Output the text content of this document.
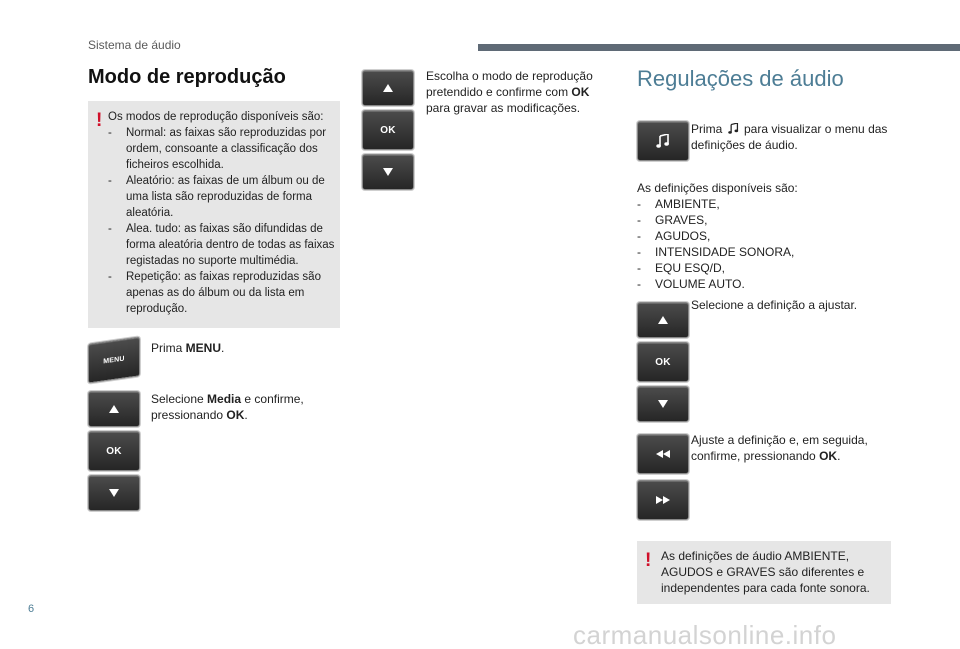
Sistema de áudio
Modo de reprodução
! Os modos de reprodução disponíveis são:
- Normal: as faixas são reproduzidas por ordem, consoante a classificação dos ficheiros escolhida.
- Aleatório: as faixas de um álbum ou de uma lista são reproduzidas de forma aleatória.
- Alea. tudo: as faixas são difundidas de forma aleatória dentro de todas as faixas registadas no suporte multimédia.
- Repetição: as faixas reproduzidas são apenas as do álbum ou da lista em reprodução.
MENU
Prima MENU.
OK
Selecione Media e confirme, pressionando OK.
OK
Escolha o modo de reprodução pretendido e confirme com OK para gravar as modificações.
Regulações de áudio
Prima  para visualizar o menu das definições de áudio.
As definições disponíveis são:
- AMBIENTE,
- GRAVES,
- AGUDOS,
- INTENSIDADE SONORA,
- EQU ESQ/D,
- VOLUME AUTO.
OK
Selecione a definição a ajustar.
Ajuste a definição e, em seguida, confirme, pressionando OK.
! As definições de áudio AMBIENTE, AGUDOS e GRAVES são diferentes e independentes para cada fonte sonora.
6
carmanualsonline.info
